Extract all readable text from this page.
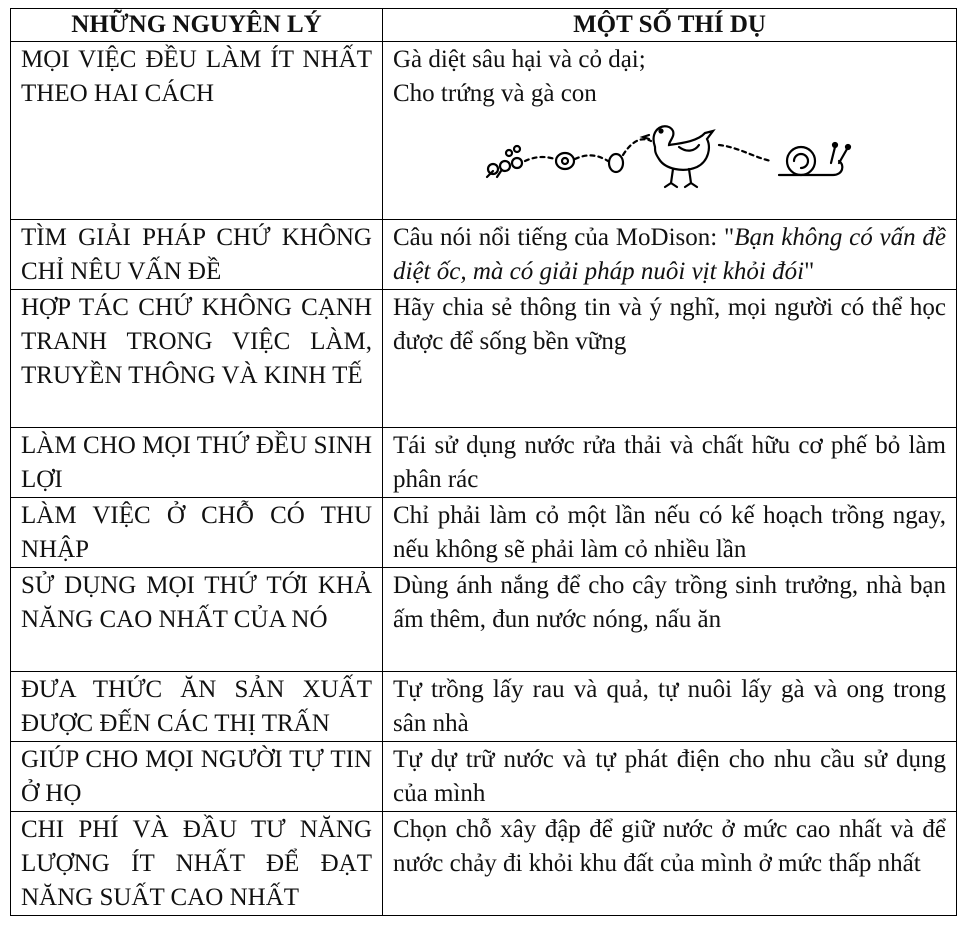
NHỮNG NGUYÊN LÝ	MỘT SỐ THÍ DỤ
MỌI VIỆC ĐỀU LÀM ÍT NHẤT THEO HAI CÁCH	Gà diệt sâu hại và cỏ dại;
Cho trứng và gà con

TÌM GIẢI PHÁP CHỨ KHÔNG CHỈ NÊU VẤN ĐỀ	Câu nói nổi tiếng của MoDison: "Bạn không có vấn đề diệt ốc, mà có giải pháp nuôi vịt khỏi đói"
HỢP TÁC CHỨ KHÔNG CẠNH TRANH TRONG VIỆC LÀM, TRUYỀN THÔNG VÀ KINH TẾ	Hãy chia sẻ thông tin và ý nghĩ, mọi người có thể học được để sống bền vững
LÀM CHO MỌI THỨ ĐỀU SINH LỢI	Tái sử dụng nước rửa thải và chất hữu cơ phế bỏ làm phân rác
LÀM VIỆC Ở CHỖ CÓ THU NHẬP	Chỉ phải làm cỏ một lần nếu có kế hoạch trồng ngay, nếu không sẽ phải làm cỏ nhiều lần
SỬ DỤNG MỌI THỨ TỚI KHẢ NĂNG CAO NHẤT CỦA NÓ	Dùng ánh nắng để cho cây trồng sinh trưởng, nhà bạn ấm thêm, đun nước nóng, nấu ăn
ĐƯA THỨC ĂN SẢN XUẤT ĐƯỢC ĐẾN CÁC THỊ TRẤN	Tự trồng lấy rau và quả, tự nuôi lấy gà và ong trong sân nhà
GIÚP CHO MỌI NGƯỜI TỰ TIN Ở HỌ	Tự dự trữ nước và tự phát điện cho nhu cầu sử dụng của mình
CHI PHÍ VÀ ĐẦU TƯ NĂNG LƯỢNG ÍT NHẤT ĐỂ ĐẠT NĂNG SUẤT CAO NHẤT	Chọn chỗ xây đập để giữ nước ở mức cao nhất và để nước chảy đi khỏi khu đất của mình ở mức thấp nhất
